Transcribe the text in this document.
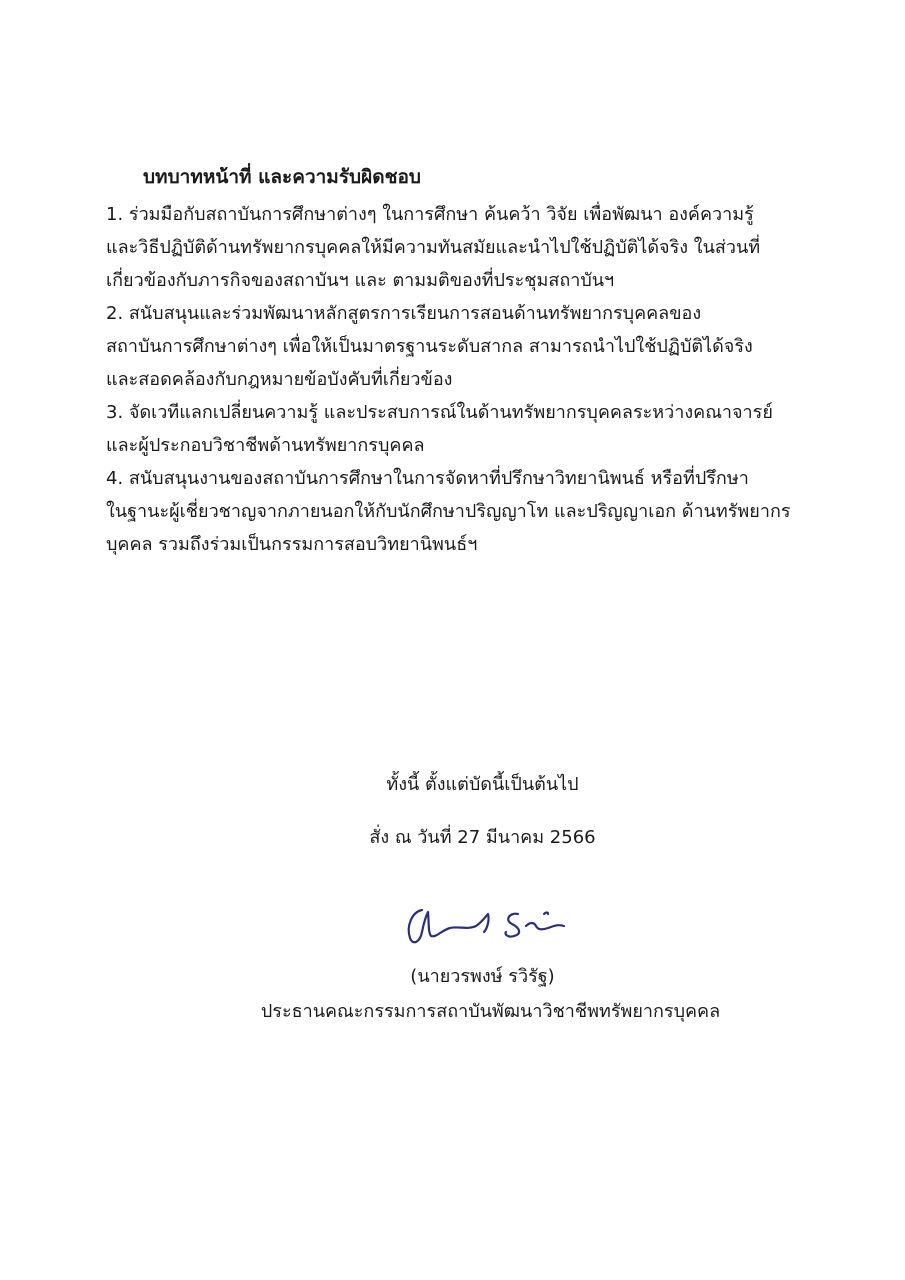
บทบาทหน้าที่ และความรับผิดชอบ
1. ร่วมมือกับสถาบันการศึกษาต่างๆ ในการศึกษา ค้นคว้า วิจัย เพื่อพัฒนา องค์ความรู้
และวิธีปฏิบัติด้านทรัพยากรบุคคลให้มีความทันสมัยและนำไปใช้ปฏิบัติได้จริง ในส่วนที่
เกี่ยวข้องกับภารกิจของสถาบันฯ และ ตามมติของที่ประชุมสถาบันฯ
2. สนับสนุนและร่วมพัฒนาหลักสูตรการเรียนการสอนด้านทรัพยากรบุคคลของ
สถาบันการศึกษาต่างๆ เพื่อให้เป็นมาตรฐานระดับสากล สามารถนำไปใช้ปฏิบัติได้จริง
และสอดคล้องกับกฎหมายข้อบังคับที่เกี่ยวข้อง
3. จัดเวทีแลกเปลี่ยนความรู้ และประสบการณ์ในด้านทรัพยากรบุคคลระหว่างคณาจารย์
และผู้ประกอบวิชาชีพด้านทรัพยากรบุคคล
4. สนับสนุนงานของสถาบันการศึกษาในการจัดหาที่ปรึกษาวิทยานิพนธ์ หรือที่ปรึกษา
ในฐานะผู้เชี่ยวชาญจากภายนอกให้กับนักศึกษาปริญญาโท และปริญญาเอก ด้านทรัพยากร
บุคคล รวมถึงร่วมเป็นกรรมการสอบวิทยานิพนธ์ฯ
ทั้งนี้ ตั้งแต่บัดนี้เป็นต้นไป
สั่ง ณ วันที่ 27 มีนาคม 2566
(นายวรพงษ์ รวิรัฐ)
ประธานคณะกรรมการสถาบันพัฒนาวิชาชีพทรัพยากรบุคคล
